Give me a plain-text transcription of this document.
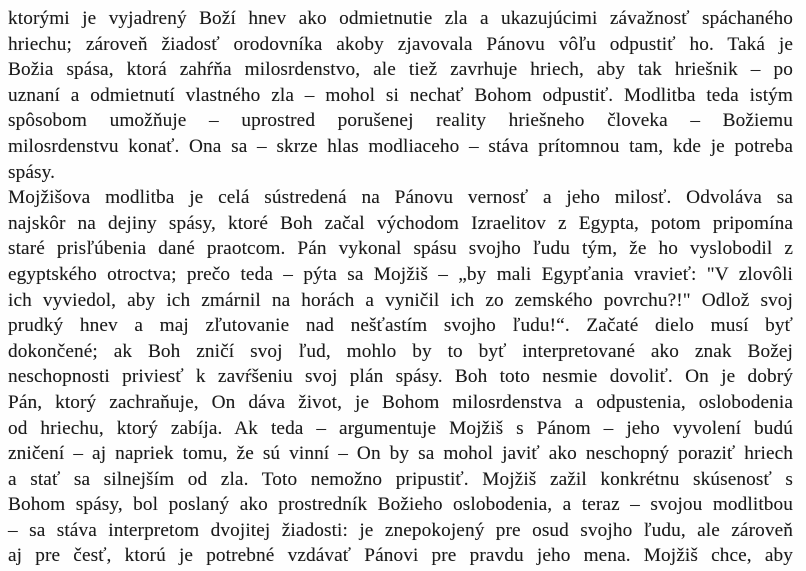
ktorými je vyjadrený Boží hnev ako odmietnutie zla a ukazujúcimi závažnosť spáchaného
hriechu; zároveň žiadosť orodovníka akoby zjavovala Pánovu vôľu odpustiť ho. Taká je
Božia spása, ktorá zahŕňa milosrdenstvo, ale tiež zavrhuje hriech, aby tak hriešnik – po
uznaní a odmietnutí vlastného zla – mohol si nechať Bohom odpustiť. Modlitba teda istým
spôsobom umožňuje – uprostred porušenej reality hriešneho človeka – Božiemu
milosrdenstvu konať. Ona sa – skrze hlas modliaceho – stáva prítomnou tam, kde je potreba
spásy.
Mojžišova modlitba je celá sústredená na Pánovu vernosť a jeho milosť. Odvoláva sa
najskôr na dejiny spásy, ktoré Boh začal východom Izraelitov z Egypta, potom pripomína
staré prisľúbenia dané praotcom. Pán vykonal spásu svojho ľudu tým, že ho vyslobodil z
egyptského otroctva; prečo teda – pýta sa Mojžiš – „by mali Egypťania vravieť: "V zlovôli
ich vyviedol, aby ich zmárnil na horách a vyničil ich zo zemského povrchu?!" Odlož svoj
prudký hnev a maj zľutovanie nad nešťastím svojho ľudu!“. Začaté dielo musí byť
dokončené; ak Boh zničí svoj ľud, mohlo by to byť interpretované ako znak Božej
neschopnosti priviesť k zavŕšeniu svoj plán spásy. Boh toto nesmie dovoliť. On je dobrý
Pán, ktorý zachraňuje, On dáva život, je Bohom milosrdenstva a odpustenia, oslobodenia
od hriechu, ktorý zabíja. Ak teda – argumentuje Mojžiš s Pánom – jeho vyvolení budú
zničení – aj napriek tomu, že sú vinní – On by sa mohol javiť ako neschopný poraziť hriech
a stať sa silnejším od zla. Toto nemožno pripustiť. Mojžiš zažil konkrétnu skúsenosť s
Bohom spásy, bol poslaný ako prostredník Božieho oslobodenia, a teraz – svojou modlitbou
– sa stáva interpretom dvojitej žiadosti: je znepokojený pre osud svojho ľudu, ale zároveň
aj pre česť, ktorú je potrebné vzdávať Pánovi pre pravdu jeho mena. Mojžiš chce, aby
